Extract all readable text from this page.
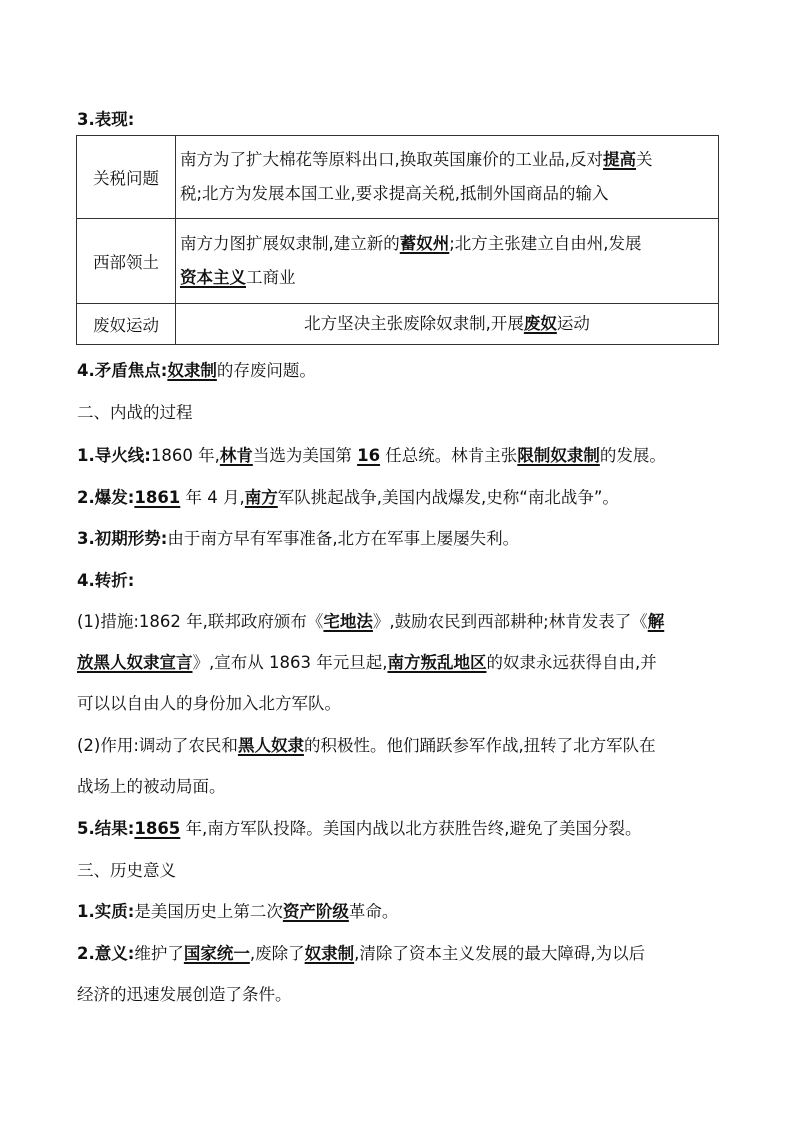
3.表现:
关税问题	南方为了扩大棉花等原料出口,换取英国廉价的工业品,反对提高关
税;北方为发展本国工业,要求提高关税,抵制外国商品的输入

西部领土	南方力图扩展奴隶制,建立新的蓄奴州;北方主张建立自由州,发展
资本主义工商业

废奴运动	北方坚决主张废除奴隶制,开展废奴运动
4.矛盾焦点:奴隶制的存废问题。
二、内战的过程
1.导火线:1860 年,林肯当选为美国第 16 任总统。林肯主张限制奴隶制的发展。
2.爆发:1861 年 4 月,南方军队挑起战争,美国内战爆发,史称“南北战争”。
3.初期形势:由于南方早有军事准备,北方在军事上屡屡失利。
4.转折:
(1)措施:1862 年,联邦政府颁布《宅地法》,鼓励农民到西部耕种;林肯发表了《解
放黑人奴隶宣言》,宣布从 1863 年元旦起,南方叛乱地区的奴隶永远获得自由,并
可以以自由人的身份加入北方军队。
(2)作用:调动了农民和黑人奴隶的积极性。他们踊跃参军作战,扭转了北方军队在
战场上的被动局面。
5.结果:1865 年,南方军队投降。美国内战以北方获胜告终,避免了美国分裂。
三、历史意义
1.实质:是美国历史上第二次资产阶级革命。
2.意义:维护了国家统一,废除了奴隶制,清除了资本主义发展的最大障碍,为以后
经济的迅速发展创造了条件。
